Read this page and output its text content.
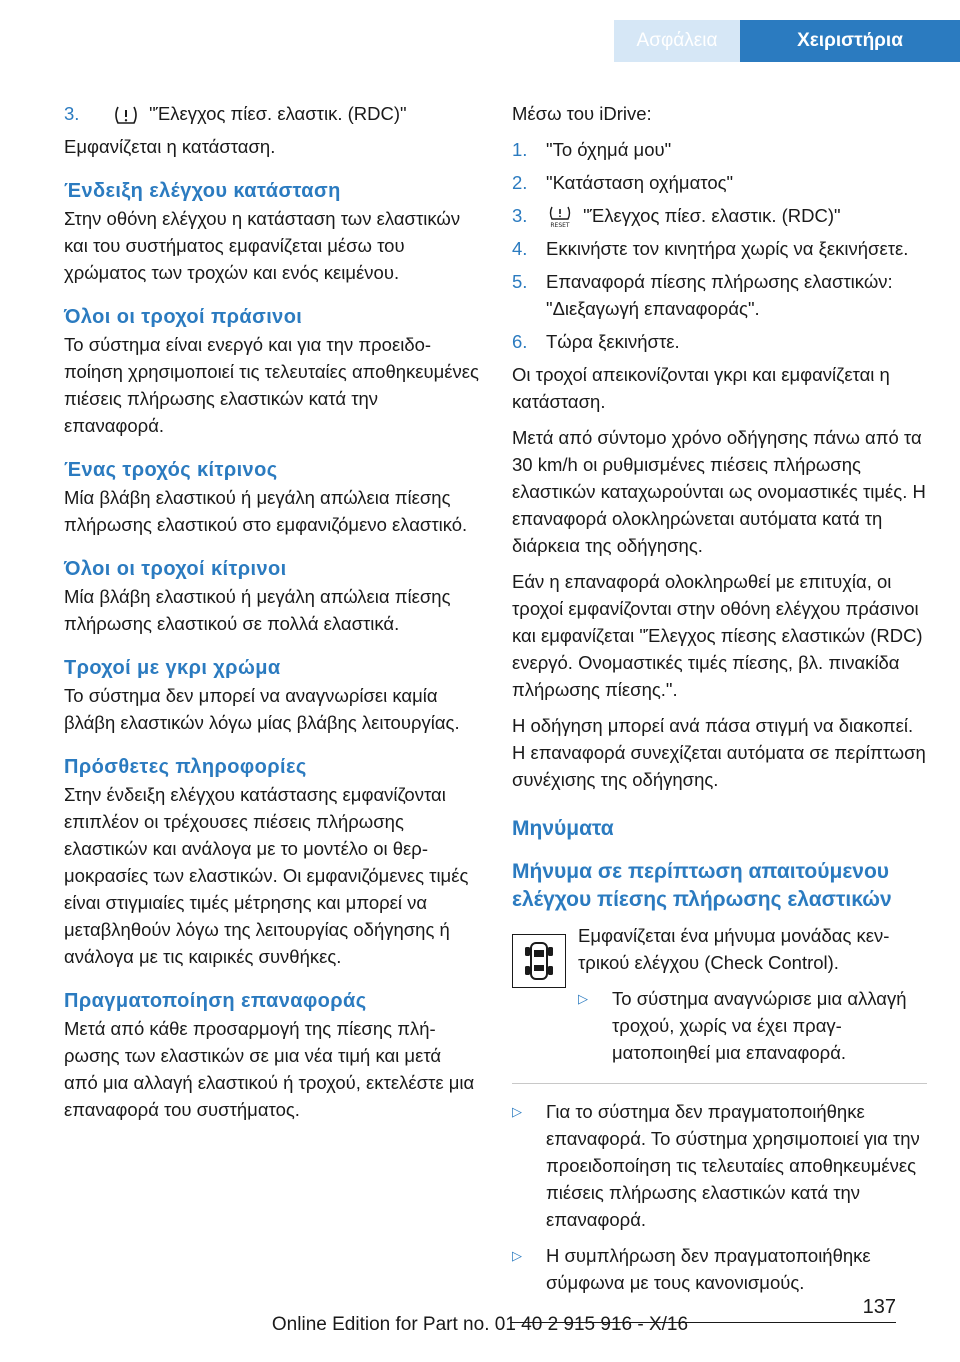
Ασφάλεια	Χειριστήρια
3.	"Έλεγχος πίεσ. ελαστικ. (RDC)"
Εμφανίζεται η κατάσταση.
Ένδειξη ελέγχου κατάσταση
Στην οθόνη ελέγχου η κατάσταση των ελαστικών και του συστήματος εμφανίζεται μέσω του χρώματος των τροχών και ενός κειμένου.
Όλοι οι τροχοί πράσινοι
Το σύστημα είναι ενεργό και για την προειδοποίηση χρησιμοποιεί τις τελευταίες αποθηκευμένες πιέσεις πλήρωσης ελαστικών κατά την επαναφορά.
Ένας τροχός κίτρινος
Μία βλάβη ελαστικού ή μεγάλη απώλεια πίεσης πλήρωσης ελαστικού στο εμφανιζόμενο ελαστικό.
Όλοι οι τροχοί κίτρινοι
Μία βλάβη ελαστικού ή μεγάλη απώλεια πίεσης πλήρωσης ελαστικού σε πολλά ελαστικά.
Τροχοί με γκρι χρώμα
Το σύστημα δεν μπορεί να αναγνωρίσει καμία βλάβη ελαστικών λόγω μίας βλάβης λειτουργίας.
Πρόσθετες πληροφορίες
Στην ένδειξη ελέγχου κατάστασης εμφανίζονται επιπλέον οι τρέχουσες πιέσεις πλήρωσης ελαστικών και ανάλογα με το μοντέλο οι θερμοκρασίες των ελαστικών. Οι εμφανιζόμενες τιμές είναι στιγμιαίες τιμές μέτρησης και μπορεί να μεταβληθούν λόγω της λειτουργίας οδήγησης ή ανάλογα με τις καιρικές συνθήκες.
Πραγματοποίηση επαναφοράς
Μετά από κάθε προσαρμογή της πίεσης πλήρωσης των ελαστικών σε μια νέα τιμή και μετά από μια αλλαγή ελαστικού ή τροχού, εκτελέστε μια επαναφορά του συστήματος.
Μέσω του iDrive:
1.	"Το όχημά μου"
2.	"Κατάσταση οχήματος"
3.	RESET "Έλεγχος πίεσ. ελαστικ. (RDC)"
4.	Εκκινήστε τον κινητήρα χωρίς να ξεκινήσετε.
5.	Επαναφορά πίεσης πλήρωσης ελαστικών: "Διεξαγωγή επαναφοράς".
6.	Τώρα ξεκινήστε.
Οι τροχοί απεικονίζονται γκρι και εμφανίζεται η κατάσταση.
Μετά από σύντομο χρόνο οδήγησης πάνω από τα 30 km/h οι ρυθμισμένες πιέσεις πλήρωσης ελαστικών καταχωρούνται ως ονομαστικές τιμές. Η επαναφορά ολοκληρώνεται αυτόματα κατά τη διάρκεια της οδήγησης.
Εάν η επαναφορά ολοκληρωθεί με επιτυχία, οι τροχοί εμφανίζονται στην οθόνη ελέγχου πράσινοι και εμφανίζεται "Έλεγχος πίεσης ελαστικών (RDC) ενεργό. Ονομαστικές τιμές πίεσης, βλ. πινακίδα πλήρωσης πίεσης.".
Η οδήγηση μπορεί ανά πάσα στιγμή να διακοπεί. Η επαναφορά συνεχίζεται αυτόματα σε περίπτωση συνέχισης της οδήγησης.
Μηνύματα
Μήνυμα σε περίπτωση απαιτούμενου ελέγχου πίεσης πλήρωσης ελαστικών
Εμφανίζεται ένα μήνυμα μονάδας κεντρικού ελέγχου (Check Control).
▷	Το σύστημα αναγνώρισε μια αλλαγή τροχού, χωρίς να έχει πραγματοποιηθεί μια επαναφορά.
▷	Για το σύστημα δεν πραγματοποιήθηκε επαναφορά. Το σύστημα χρησιμοποιεί για την προειδοποίηση τις τελευταίες αποθηκευμένες πιέσεις πλήρωσης ελαστικών κατά την επαναφορά.
▷	Η συμπλήρωση δεν πραγματοποιήθηκε σύμφωνα με τους κανονισμούς.
137
Online Edition for Part no. 01 40 2 915 916 - X/16
